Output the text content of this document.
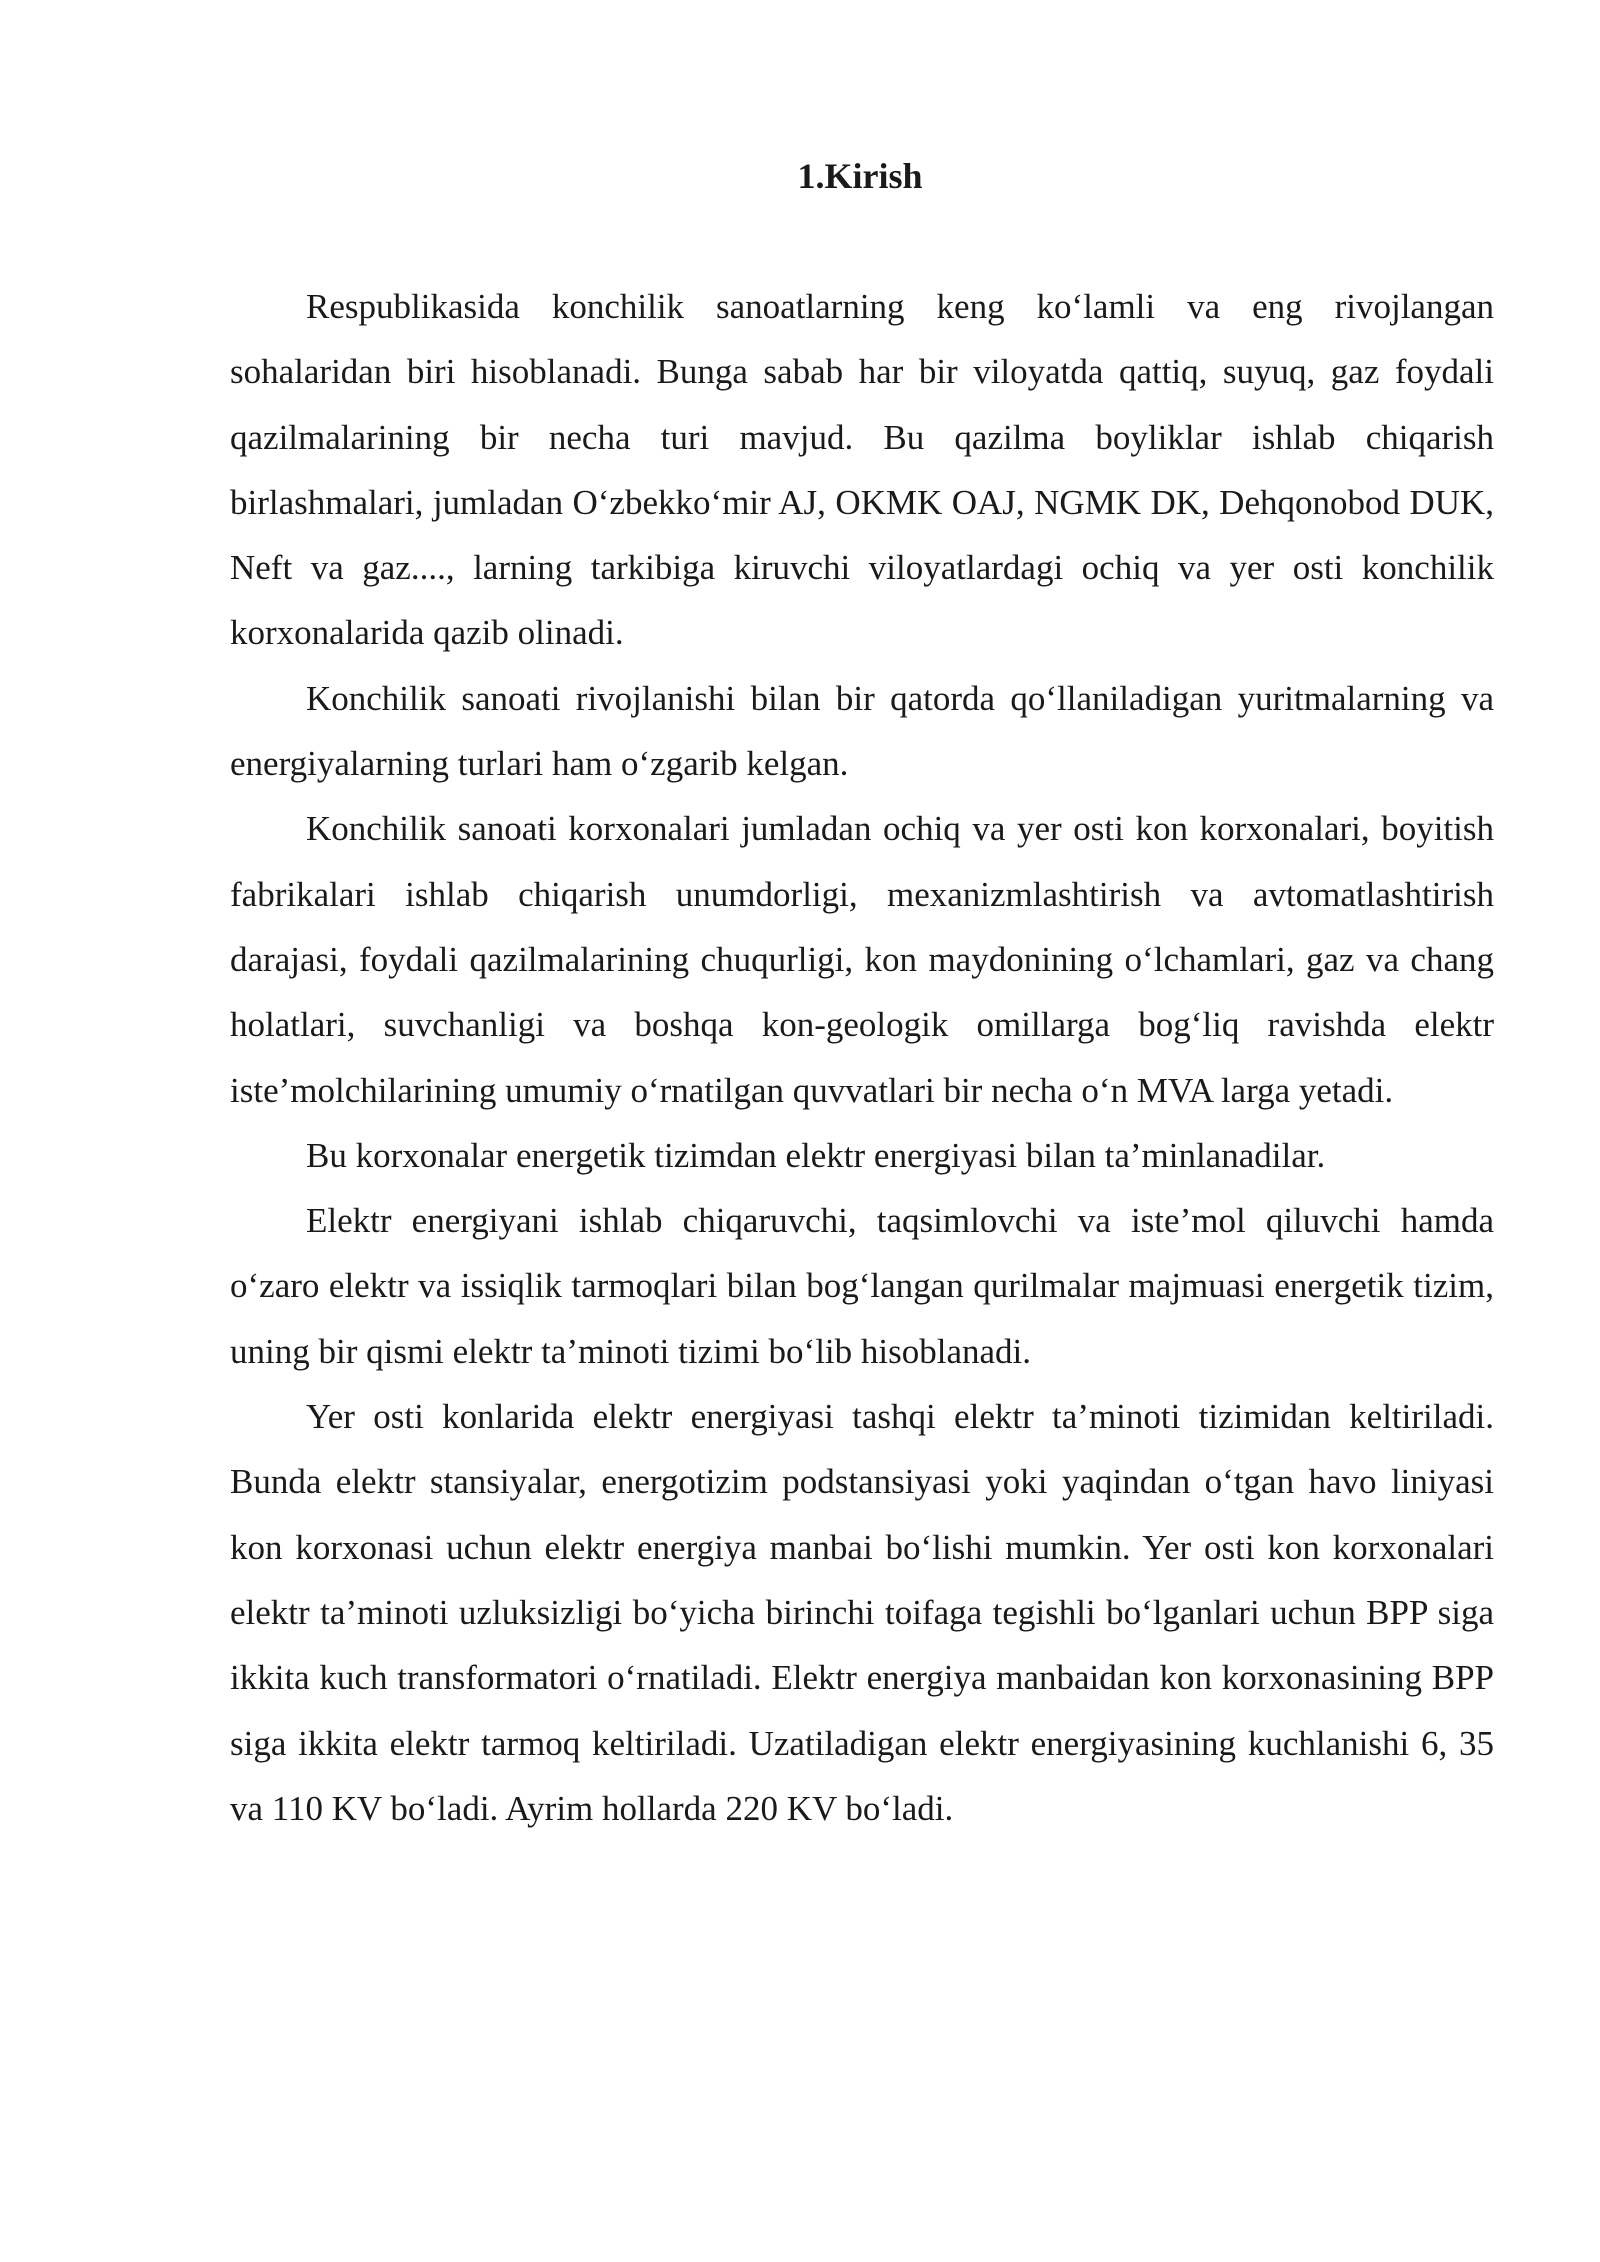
1.Kirish

Respublikasida konchilik sanoatlarning keng ko‘lamli va eng rivojlangan sohalaridan biri hisoblanadi. Bunga sabab har bir viloyatda qattiq, suyuq, gaz foydali qazilmalarining bir necha turi mavjud. Bu qazilma boyliklar ishlab chiqarish birlashmalari, jumladan O‘zbekko‘mir AJ, OKMK OAJ, NGMK DK, Dehqonobod DUK, Neft va gaz...., larning tarkibiga kiruvchi viloyatlardagi ochiq va yer osti konchilik korxonalarida qazib olinadi.

Konchilik sanoati rivojlanishi bilan bir qatorda qo‘llaniladigan yuritmalarning va energiyalarning turlari ham o‘zgarib kelgan.

Konchilik sanoati korxonalari jumladan ochiq va yer osti kon korxonalari, boyitish fabrikalari ishlab chiqarish unumdorligi, mexanizmlashtirish va avtomatlashtirish darajasi, foydali qazilmalarining chuqurligi, kon maydonining o‘lchamlari, gaz va chang holatlari, suvchanligi va boshqa kon-geologik omillarga bog‘liq ravishda elektr iste’molchilarining umumiy o‘rnatilgan quvvatlari bir necha o‘n MVA larga yetadi.

Bu korxonalar energetik tizimdan elektr energiyasi bilan ta’minlanadilar.

Elektr energiyani ishlab chiqaruvchi, taqsimlovchi va iste’mol qiluvchi hamda o‘zaro elektr va issiqlik tarmoqlari bilan bog‘langan qurilmalar majmuasi energetik tizim, uning bir qismi elektr ta’minoti tizimi bo‘lib hisoblanadi.

Yer osti konlarida elektr energiyasi tashqi elektr ta’minoti tizimidan keltiriladi. Bunda elektr stansiyalar, energotizim podstansiyasi yoki yaqindan o‘tgan havo liniyasi kon korxonasi uchun elektr energiya manbai bo‘lishi mumkin. Yer osti kon korxonalari elektr ta’minoti uzluksizligi bo‘yicha birinchi toifaga tegishli bo‘lganlari uchun BPP siga ikkita kuch transformatori o‘rnatiladi. Elektr energiya manbaidan kon korxonasining BPP siga ikkita elektr tarmoq keltiriladi. Uzatiladigan elektr energiyasining kuchlanishi 6, 35 va 110 KV bo‘ladi. Ayrim hollarda 220 KV bo‘ladi.
